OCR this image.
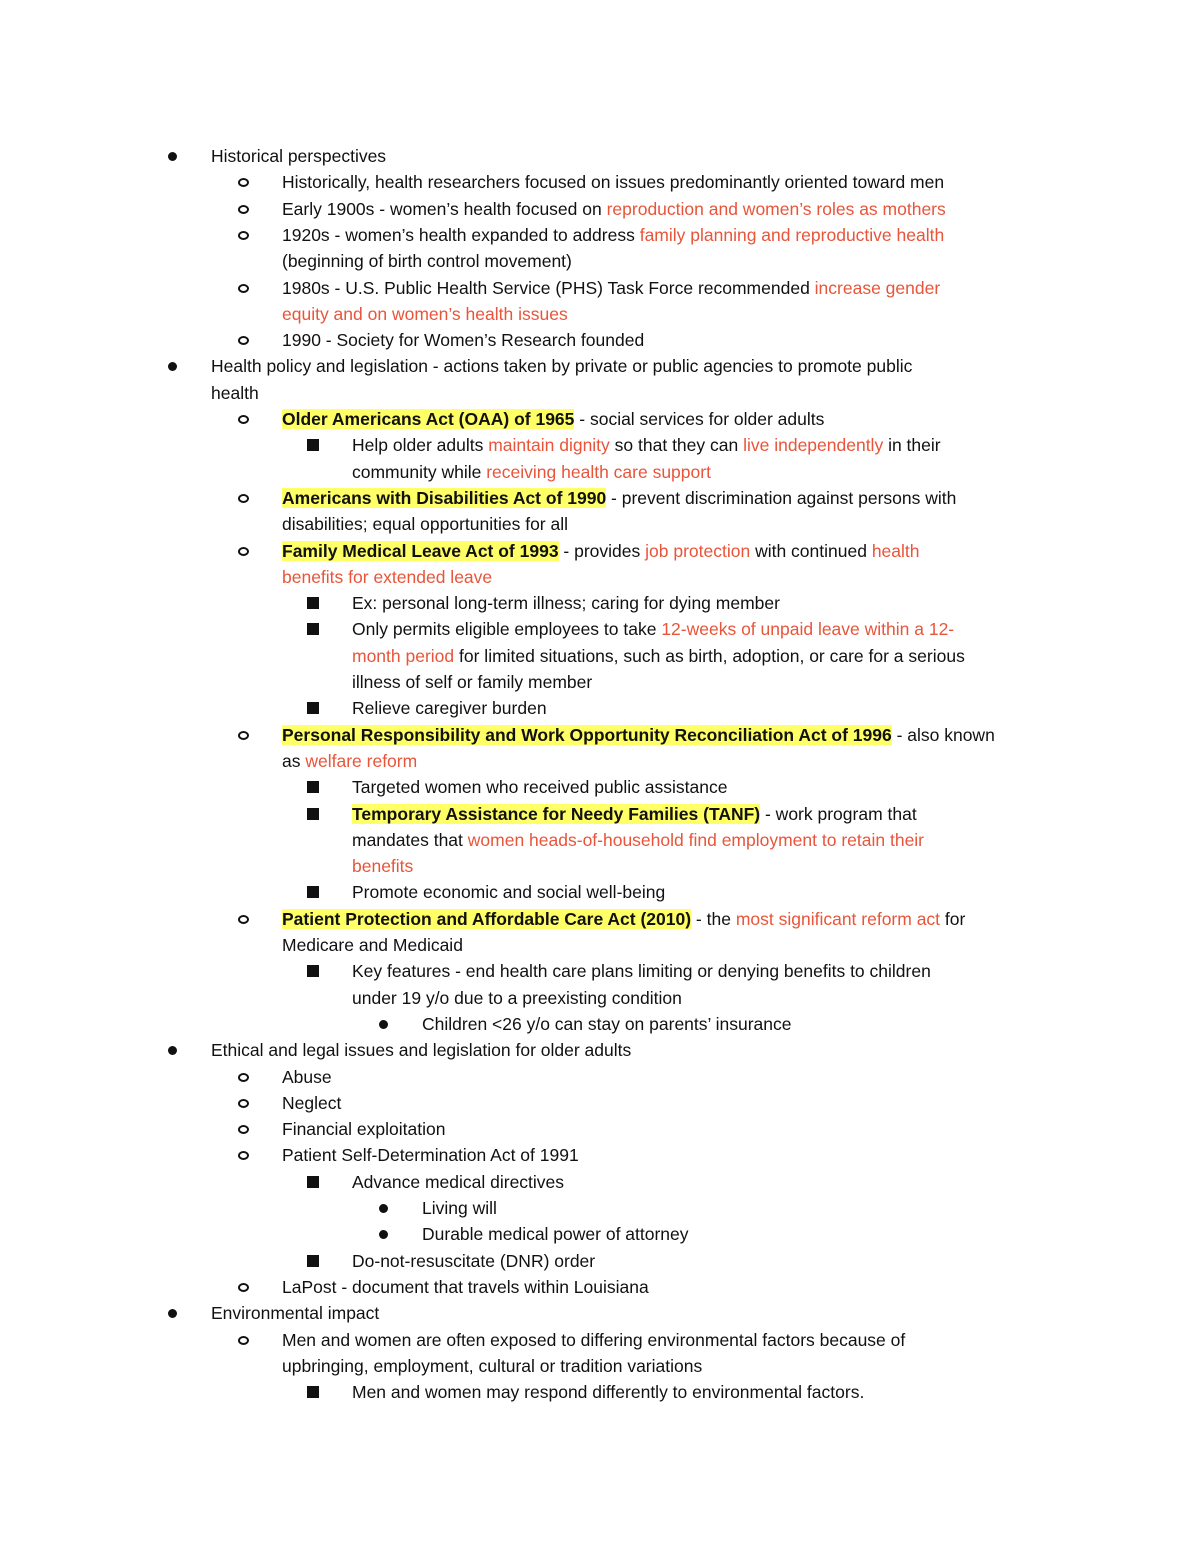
Historical perspectives
Historically, health researchers focused on issues predominantly oriented toward men
Early 1900s - women’s health focused on reproduction and women’s roles as mothers
1920s - women’s health expanded to address family planning and reproductive health
(beginning of birth control movement)
1980s - U.S. Public Health Service (PHS) Task Force recommended increase gender
equity and on women’s health issues
1990 - Society for Women’s Research founded
Health policy and legislation - actions taken by private or public agencies to promote public
health
Older Americans Act (OAA) of 1965 - social services for older adults
Help older adults maintain dignity so that they can live independently in their
community while receiving health care support
Americans with Disabilities Act of 1990 - prevent discrimination against persons with
disabilities; equal opportunities for all
Family Medical Leave Act of 1993 - provides job protection with continued health
benefits for extended leave
Ex: personal long-term illness; caring for dying member
Only permits eligible employees to take 12-weeks of unpaid leave within a 12-
month period for limited situations, such as birth, adoption, or care for a serious
illness of self or family member
Relieve caregiver burden
Personal Responsibility and Work Opportunity Reconciliation Act of 1996 - also known
as welfare reform
Targeted women who received public assistance
Temporary Assistance for Needy Families (TANF) - work program that
mandates that women heads-of-household find employment to retain their
benefits
Promote economic and social well-being
Patient Protection and Affordable Care Act (2010) - the most significant reform act for
Medicare and Medicaid
Key features - end health care plans limiting or denying benefits to children
under 19 y/o due to a preexisting condition
Children <26 y/o can stay on parents’ insurance
Ethical and legal issues and legislation for older adults
Abuse
Neglect
Financial exploitation
Patient Self-Determination Act of 1991
Advance medical directives
Living will
Durable medical power of attorney
Do-not-resuscitate (DNR) order
LaPost - document that travels within Louisiana
Environmental impact
Men and women are often exposed to differing environmental factors because of
upbringing, employment, cultural or tradition variations
Men and women may respond differently to environmental factors.
